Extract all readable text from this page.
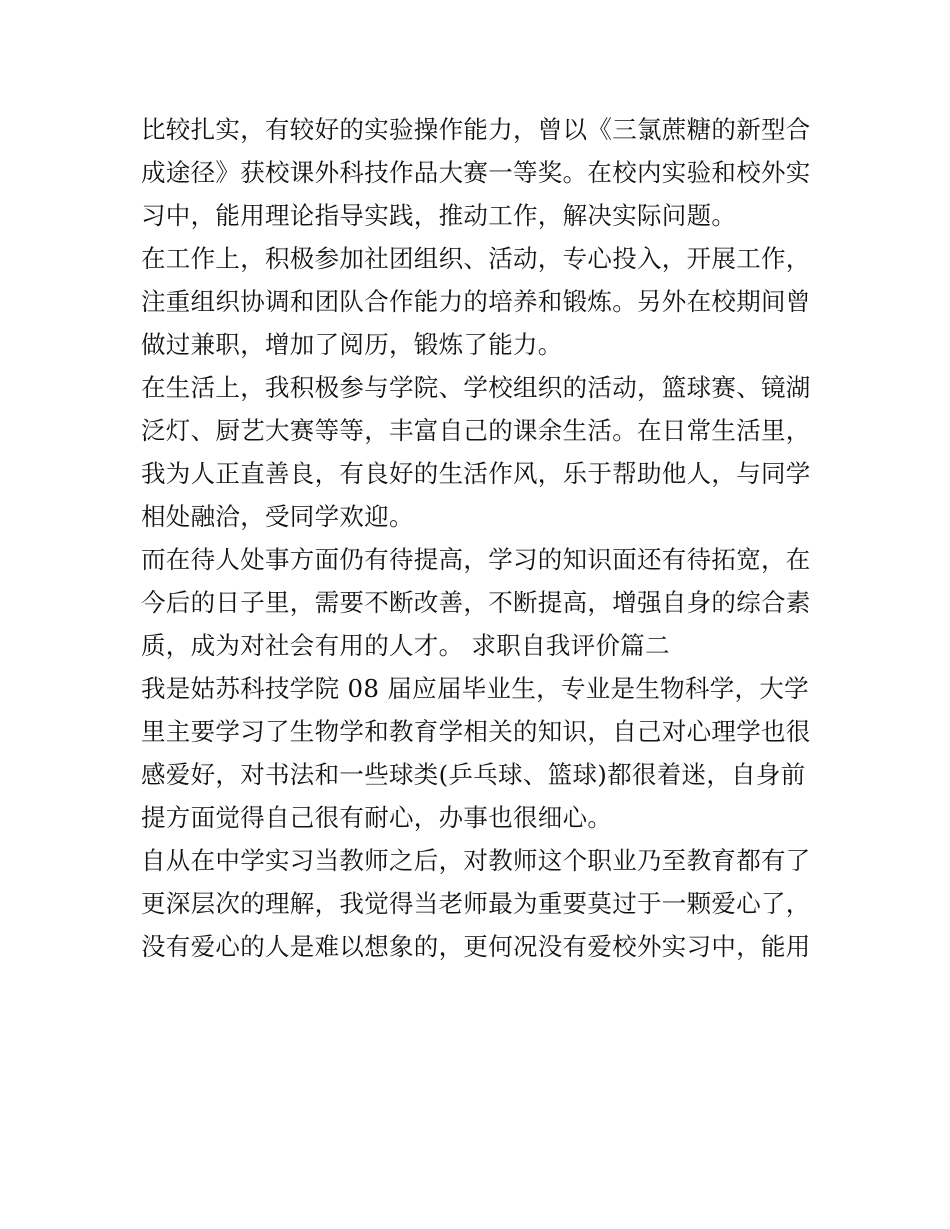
比较扎实，有较好的实验操作能力，曾以《三氯蔗糖的新型合
成途径》获校课外科技作品大赛一等奖。在校内实验和校外实
习中，能用理论指导实践，推动工作，解决实际问题。
在工作上，积极参加社团组织、活动，专心投入，开展工作，
注重组织协调和团队合作能力的培养和锻炼。另外在校期间曾
做过兼职，增加了阅历，锻炼了能力。
在生活上，我积极参与学院、学校组织的活动，篮球赛、镜湖
泛灯、厨艺大赛等等，丰富自己的课余生活。在日常生活里，
我为人正直善良，有良好的生活作风，乐于帮助他人，与同学
相处融洽，受同学欢迎。
而在待人处事方面仍有待提高，学习的知识面还有待拓宽，在
今后的日子里，需要不断改善，不断提高，增强自身的综合素
质，成为对社会有用的人才。 求职自我评价篇二
我是姑苏科技学院 08 届应届毕业生，专业是生物科学，大学
里主要学习了生物学和教育学相关的知识，自己对心理学也很
感爱好，对书法和一些球类(乒乓球、篮球)都很着迷，自身前
提方面觉得自己很有耐心，办事也很细心。
自从在中学实习当教师之后，对教师这个职业乃至教育都有了
更深层次的理解，我觉得当老师最为重要莫过于一颗爱心了，
没有爱心的人是难以想象的，更何况没有爱校外实习中，能用
